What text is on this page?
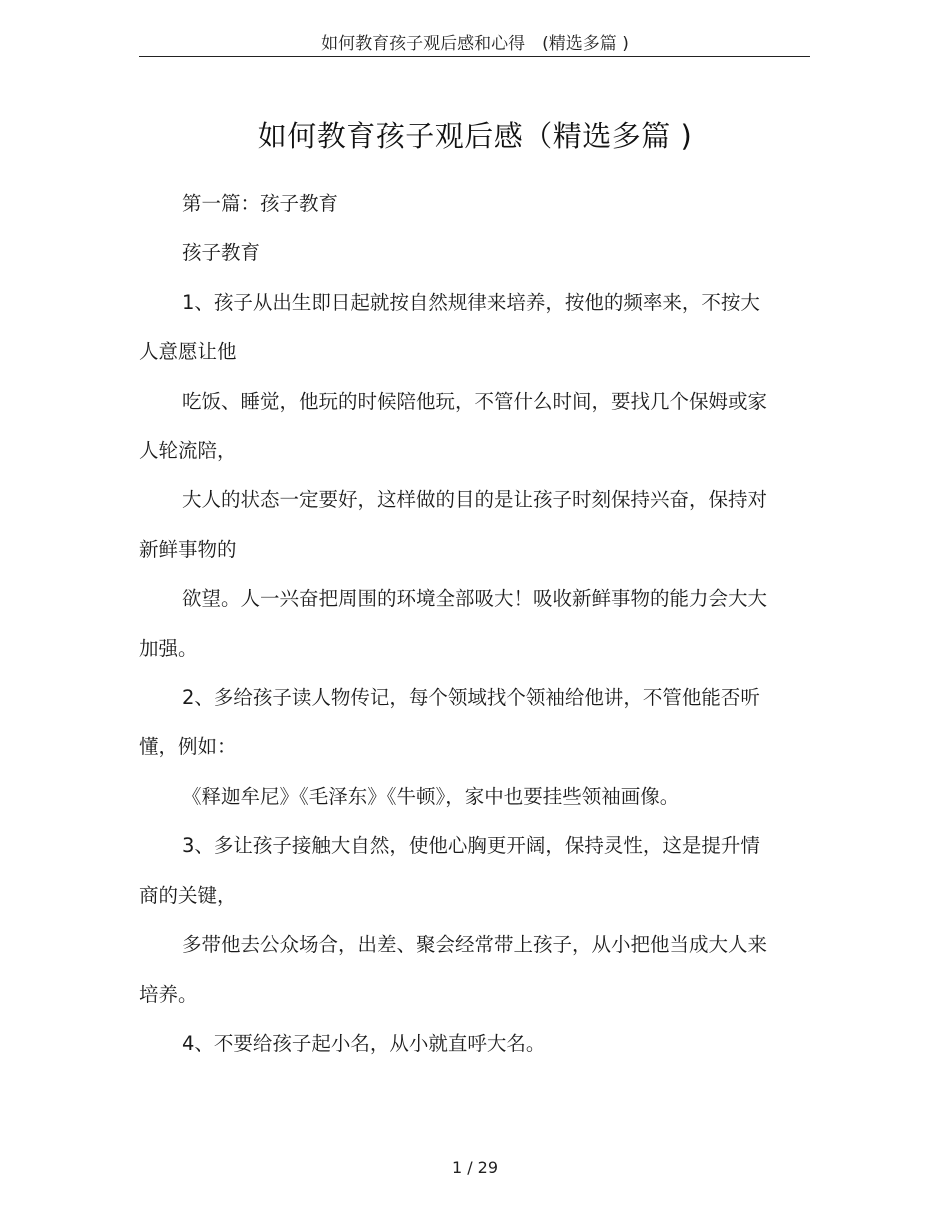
如何教育孩子观后感和心得　(精选多篇 )
如何教育孩子观后感（精选多篇 )

第一篇：孩子教育

孩子教育

1、孩子从出生即日起就按自然规律来培养，按他的频率来，不按大人意愿让他

吃饭、睡觉，他玩的时候陪他玩，不管什么时间，要找几个保姆或家人轮流陪，

大人的状态一定要好，这样做的目的是让孩子时刻保持兴奋，保持对新鲜事物的

欲望。人一兴奋把周围的环境全部吸大！吸收新鲜事物的能力会大大加强。

2、多给孩子读人物传记，每个领域找个领袖给他讲，不管他能否听懂，例如：

《释迦牟尼》《毛泽东》《牛顿》，家中也要挂些领袖画像。

3、多让孩子接触大自然，使他心胸更开阔，保持灵性，这是提升情商的关键，

多带他去公众场合，出差、聚会经常带上孩子，从小把他当成大人来培养。

4、不要给孩子起小名，从小就直呼大名。

1 / 29
